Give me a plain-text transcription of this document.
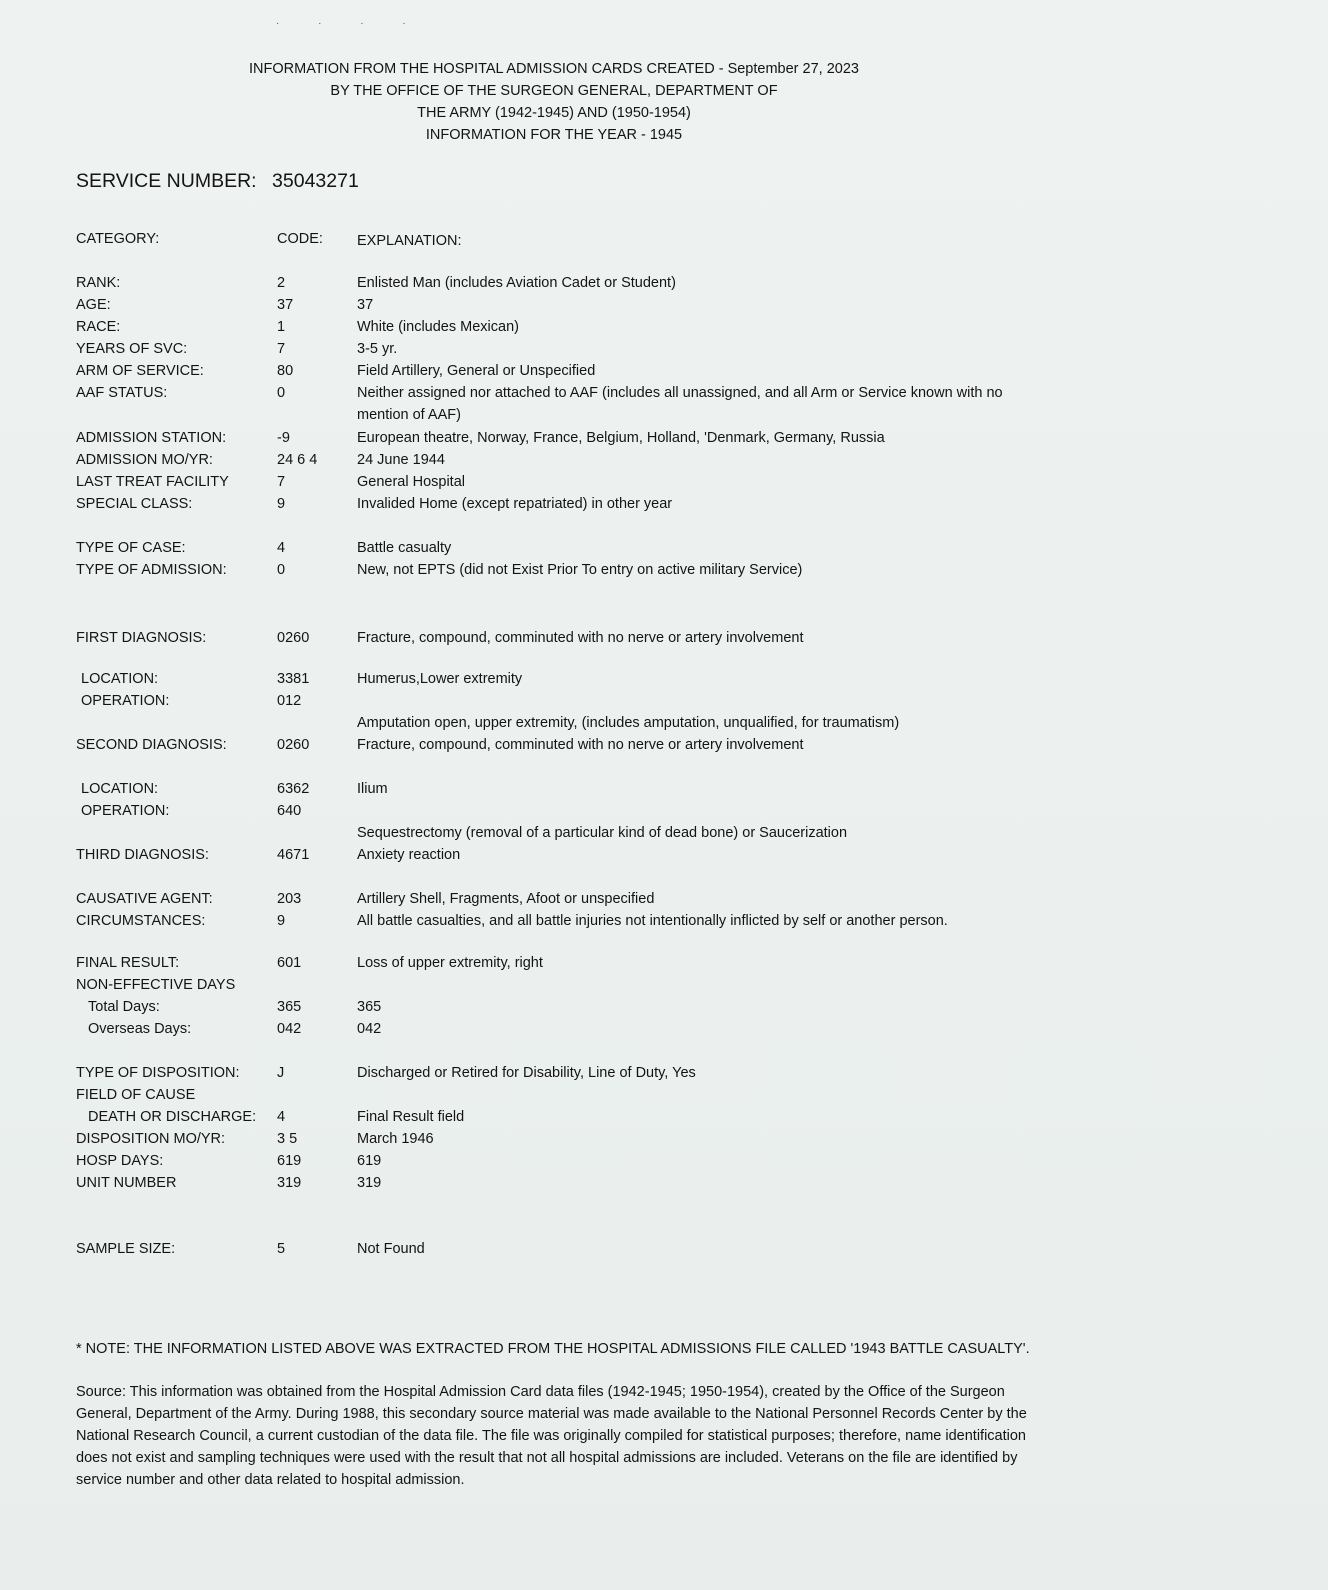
· · · ·
INFORMATION FROM THE HOSPITAL ADMISSION CARDS CREATED - September 27, 2023
BY THE OFFICE OF THE SURGEON GENERAL, DEPARTMENT OF
THE ARMY (1942-1945) AND (1950-1954)
INFORMATION FOR THE YEAR - 1945
SERVICE NUMBER: 35043271
CATEGORY:	CODE: EXPLANATION:
RANK:	2	Enlisted Man (includes Aviation Cadet or Student)
AGE:	37	37
RACE:	1	White (includes Mexican)
YEARS OF SVC:	7	3-5 yr.
ARM OF SERVICE:	80	Field Artillery, General or Unspecified
AAF STATUS:	0	Neither assigned nor attached to AAF (includes all unassigned, and all Arm or Service known with no mention of AAF)
ADMISSION STATION:	-9	European theatre, Norway, France, Belgium, Holland, 'Denmark, Germany, Russia
ADMISSION MO/YR:	24 6 4	24 June 1944
LAST TREAT FACILITY	7	General Hospital
SPECIAL CLASS:	9	Invalided Home (except repatriated) in other year
TYPE OF CASE:	4	Battle casualty
TYPE OF ADMISSION:	0	New, not EPTS (did not Exist Prior To entry on active military Service)
FIRST DIAGNOSIS:	0260	Fracture, compound, comminuted with no nerve or artery involvement
LOCATION:	3381	Humerus,Lower extremity
OPERATION:	012
Amputation open, upper extremity, (includes amputation, unqualified, for traumatism)
SECOND DIAGNOSIS:	0260	Fracture, compound, comminuted with no nerve or artery involvement
LOCATION:	6362	Ilium
OPERATION:	640
Sequestrectomy (removal of a particular kind of dead bone) or Saucerization
THIRD DIAGNOSIS:	4671	Anxiety reaction
CAUSATIVE AGENT:	203	Artillery Shell, Fragments, Afoot or unspecified
CIRCUMSTANCES:	9	All battle casualties, and all battle injuries not intentionally inflicted by self or another person.
FINAL RESULT:	601	Loss of upper extremity, right
NON-EFFECTIVE DAYS
Total Days:	365	365
Overseas Days:	042	042
TYPE OF DISPOSITION:	J	Discharged or Retired for Disability, Line of Duty, Yes
FIELD OF CAUSE
DEATH OR DISCHARGE: 4	Final Result field
DISPOSITION MO/YR:	3 5	March 1946
HOSP DAYS:	619	619
UNIT NUMBER	319	319
SAMPLE SIZE:	5	Not Found
* NOTE: THE INFORMATION LISTED ABOVE WAS EXTRACTED FROM THE HOSPITAL ADMISSIONS FILE CALLED '1943 BATTLE CASUALTY'.
Source: This information was obtained from the Hospital Admission Card data files (1942-1945; 1950-1954), created by the Office of the Surgeon General, Department of the Army. During 1988, this secondary source material was made available to the National Personnel Records Center by the National Research Council, a current custodian of the data file. The file was originally compiled for statistical purposes; therefore, name identification does not exist and sampling techniques were used with the result that not all hospital admissions are included. Veterans on the file are identified by service number and other data related to hospital admission.
